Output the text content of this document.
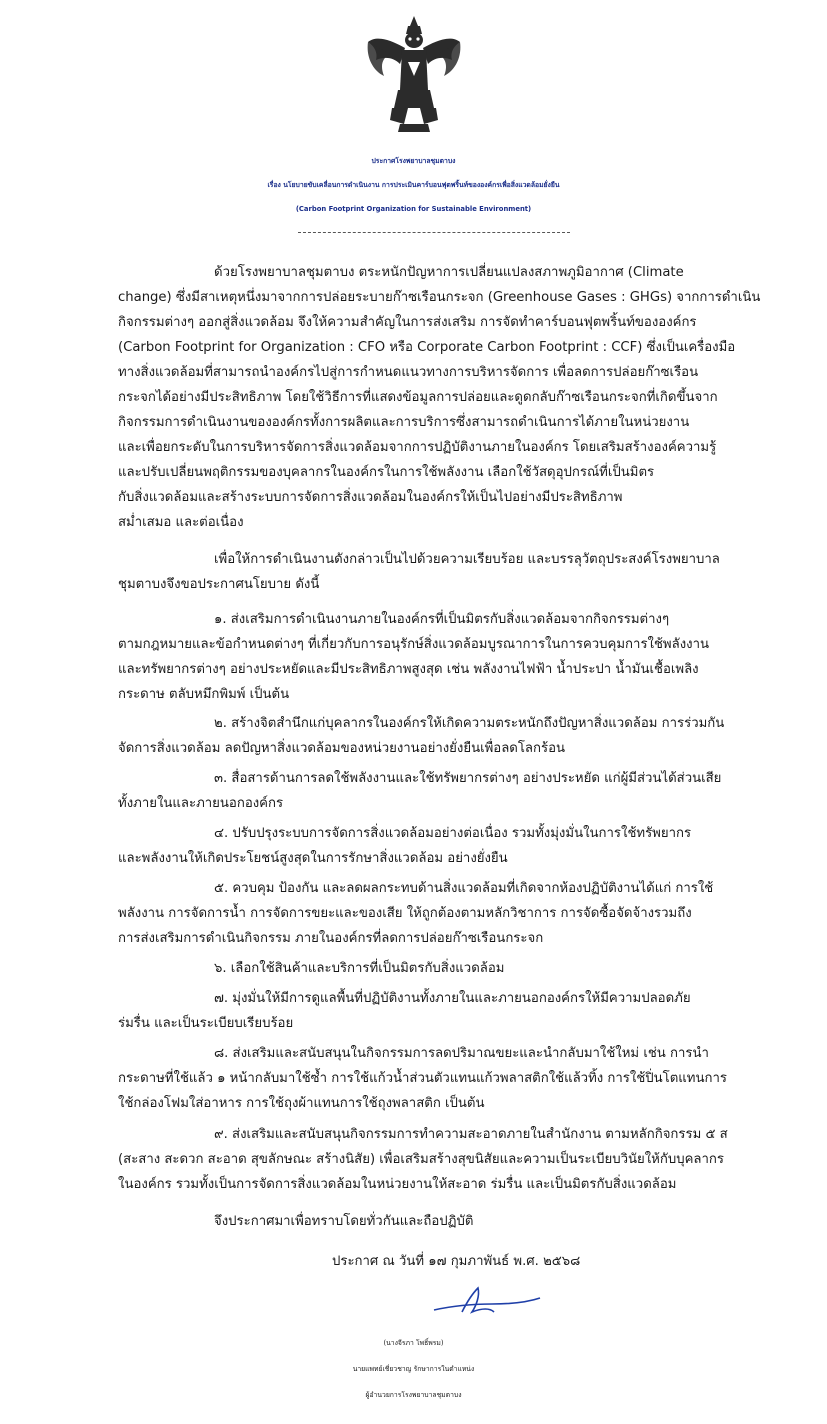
ประกาศโรงพยาบาลชุมตาบง
เรื่อง นโยบายขับเคลื่อนการดำเนินงาน การประเมินคาร์บอนฟุตพริ้นท์ขององค์กรเพื่อสิ่งแวดล้อมยั่งยืน
(Carbon Footprint Organization for Sustainable Environment)
ด้วยโรงพยาบาลชุมตาบง ตระหนักปัญหาการเปลี่ยนแปลงสภาพภูมิอากาศ (Climate
change) ซึ่งมีสาเหตุหนึ่งมาจากการปล่อยระบายก๊าซเรือนกระจก (Greenhouse Gases : GHGs) จากการดำเนิน
กิจกรรมต่างๆ ออกสู่สิ่งแวดล้อม จึงให้ความสำคัญในการส่งเสริม การจัดทำคาร์บอนฟุตพริ้นท์ขององค์กร
(Carbon Footprint for Organization : CFO หรือ Corporate Carbon Footprint : CCF) ซึ่งเป็นเครื่องมือ
ทางสิ่งแวดล้อมที่สามารถนำองค์กรไปสู่การกำหนดแนวทางการบริหารจัดการ เพื่อลดการปล่อยก๊าซเรือน
กระจกได้อย่างมีประสิทธิภาพ โดยใช้วิธีการที่แสดงข้อมูลการปล่อยและดูดกลับก๊าซเรือนกระจกที่เกิดขึ้นจาก
กิจกรรมการดำเนินงานขององค์กรทั้งการผลิตและการบริการซึ่งสามารถดำเนินการได้ภายในหน่วยงาน
และเพื่อยกระดับในการบริหารจัดการสิ่งแวดล้อมจากการปฏิบัติงานภายในองค์กร โดยเสริมสร้างองค์ความรู้
และปรับเปลี่ยนพฤติกรรมของบุคลากรในองค์กรในการใช้พลังงาน เลือกใช้วัสดุอุปกรณ์ที่เป็นมิตร
กับสิ่งแวดล้อมและสร้างระบบการจัดการสิ่งแวดล้อมในองค์กรให้เป็นไปอย่างมีประสิทธิภาพ
สม่ำเสมอ และต่อเนื่อง
เพื่อให้การดำเนินงานดังกล่าวเป็นไปด้วยความเรียบร้อย และบรรลุวัตถุประสงค์โรงพยาบาล
ชุมตาบงจึงขอประกาศนโยบาย ดังนี้
๑. ส่งเสริมการดำเนินงานภายในองค์กรที่เป็นมิตรกับสิ่งแวดล้อมจากกิจกรรมต่างๆ
ตามกฎหมายและข้อกำหนดต่างๆ ที่เกี่ยวกับการอนุรักษ์สิ่งแวดล้อมบูรณาการในการควบคุมการใช้พลังงาน
และทรัพยากรต่างๆ อย่างประหยัดและมีประสิทธิภาพสูงสุด เช่น พลังงานไฟฟ้า น้ำประปา น้ำมันเชื้อเพลิง
กระดาษ ตลับหมึกพิมพ์ เป็นต้น
๒. สร้างจิตสำนึกแก่บุคลากรในองค์กรให้เกิดความตระหนักถึงปัญหาสิ่งแวดล้อม การร่วมกัน
จัดการสิ่งแวดล้อม ลดปัญหาสิ่งแวดล้อมของหน่วยงานอย่างยั่งยืนเพื่อลดโลกร้อน
๓. สื่อสารด้านการลดใช้พลังงานและใช้ทรัพยากรต่างๆ อย่างประหยัด แก่ผู้มีส่วนได้ส่วนเสีย
ทั้งภายในและภายนอกองค์กร
๔. ปรับปรุงระบบการจัดการสิ่งแวดล้อมอย่างต่อเนื่อง รวมทั้งมุ่งมั่นในการใช้ทรัพยากร
และพลังงานให้เกิดประโยชน์สูงสุดในการรักษาสิ่งแวดล้อม อย่างยั่งยืน
๕. ควบคุม ป้องกัน และลดผลกระทบด้านสิ่งแวดล้อมที่เกิดจากห้องปฏิบัติงานได้แก่ การใช้
พลังงาน การจัดการน้ำ การจัดการขยะและของเสีย ให้ถูกต้องตามหลักวิชาการ การจัดซื้อจัดจ้างรวมถึง
การส่งเสริมการดำเนินกิจกรรม ภายในองค์กรที่ลดการปล่อยก๊าซเรือนกระจก
๖. เลือกใช้สินค้าและบริการที่เป็นมิตรกับสิ่งแวดล้อม
๗. มุ่งมั่นให้มีการดูแลพื้นที่ปฏิบัติงานทั้งภายในและภายนอกองค์กรให้มีความปลอดภัย
ร่มรื่น และเป็นระเบียบเรียบร้อย
๘. ส่งเสริมและสนับสนุนในกิจกรรมการลดปริมาณขยะและนำกลับมาใช้ใหม่ เช่น การนำ
กระดาษที่ใช้แล้ว ๑ หน้ากลับมาใช้ซ้ำ การใช้แก้วน้ำส่วนตัวแทนแก้วพลาสติกใช้แล้วทิ้ง การใช้ปิ่นโตแทนการ
ใช้กล่องโฟมใส่อาหาร การใช้ถุงผ้าแทนการใช้ถุงพลาสติก เป็นต้น
๙. ส่งเสริมและสนับสนุนกิจกรรมการทำความสะอาดภายในสำนักงาน ตามหลักกิจกรรม ๕ ส
(สะสาง สะดวก สะอาด สุขลักษณะ สร้างนิสัย) เพื่อเสริมสร้างสุขนิสัยและความเป็นระเบียบวินัยให้กับบุคลากร
ในองค์กร รวมทั้งเป็นการจัดการสิ่งแวดล้อมในหน่วยงานให้สะอาด ร่มรื่น และเป็นมิตรกับสิ่งแวดล้อม
จึงประกาศมาเพื่อทราบโดยทั่วกันและถือปฏิบัติ
ประกาศ ณ วันที่ ๑๗ กุมภาพันธ์ พ.ศ. ๒๕๖๘
(นางจีรภา โพธิ์พรม)
นายแพทย์เชี่ยวชาญ รักษาการในตำแหน่ง
ผู้อำนวยการโรงพยาบาลชุมตาบง
